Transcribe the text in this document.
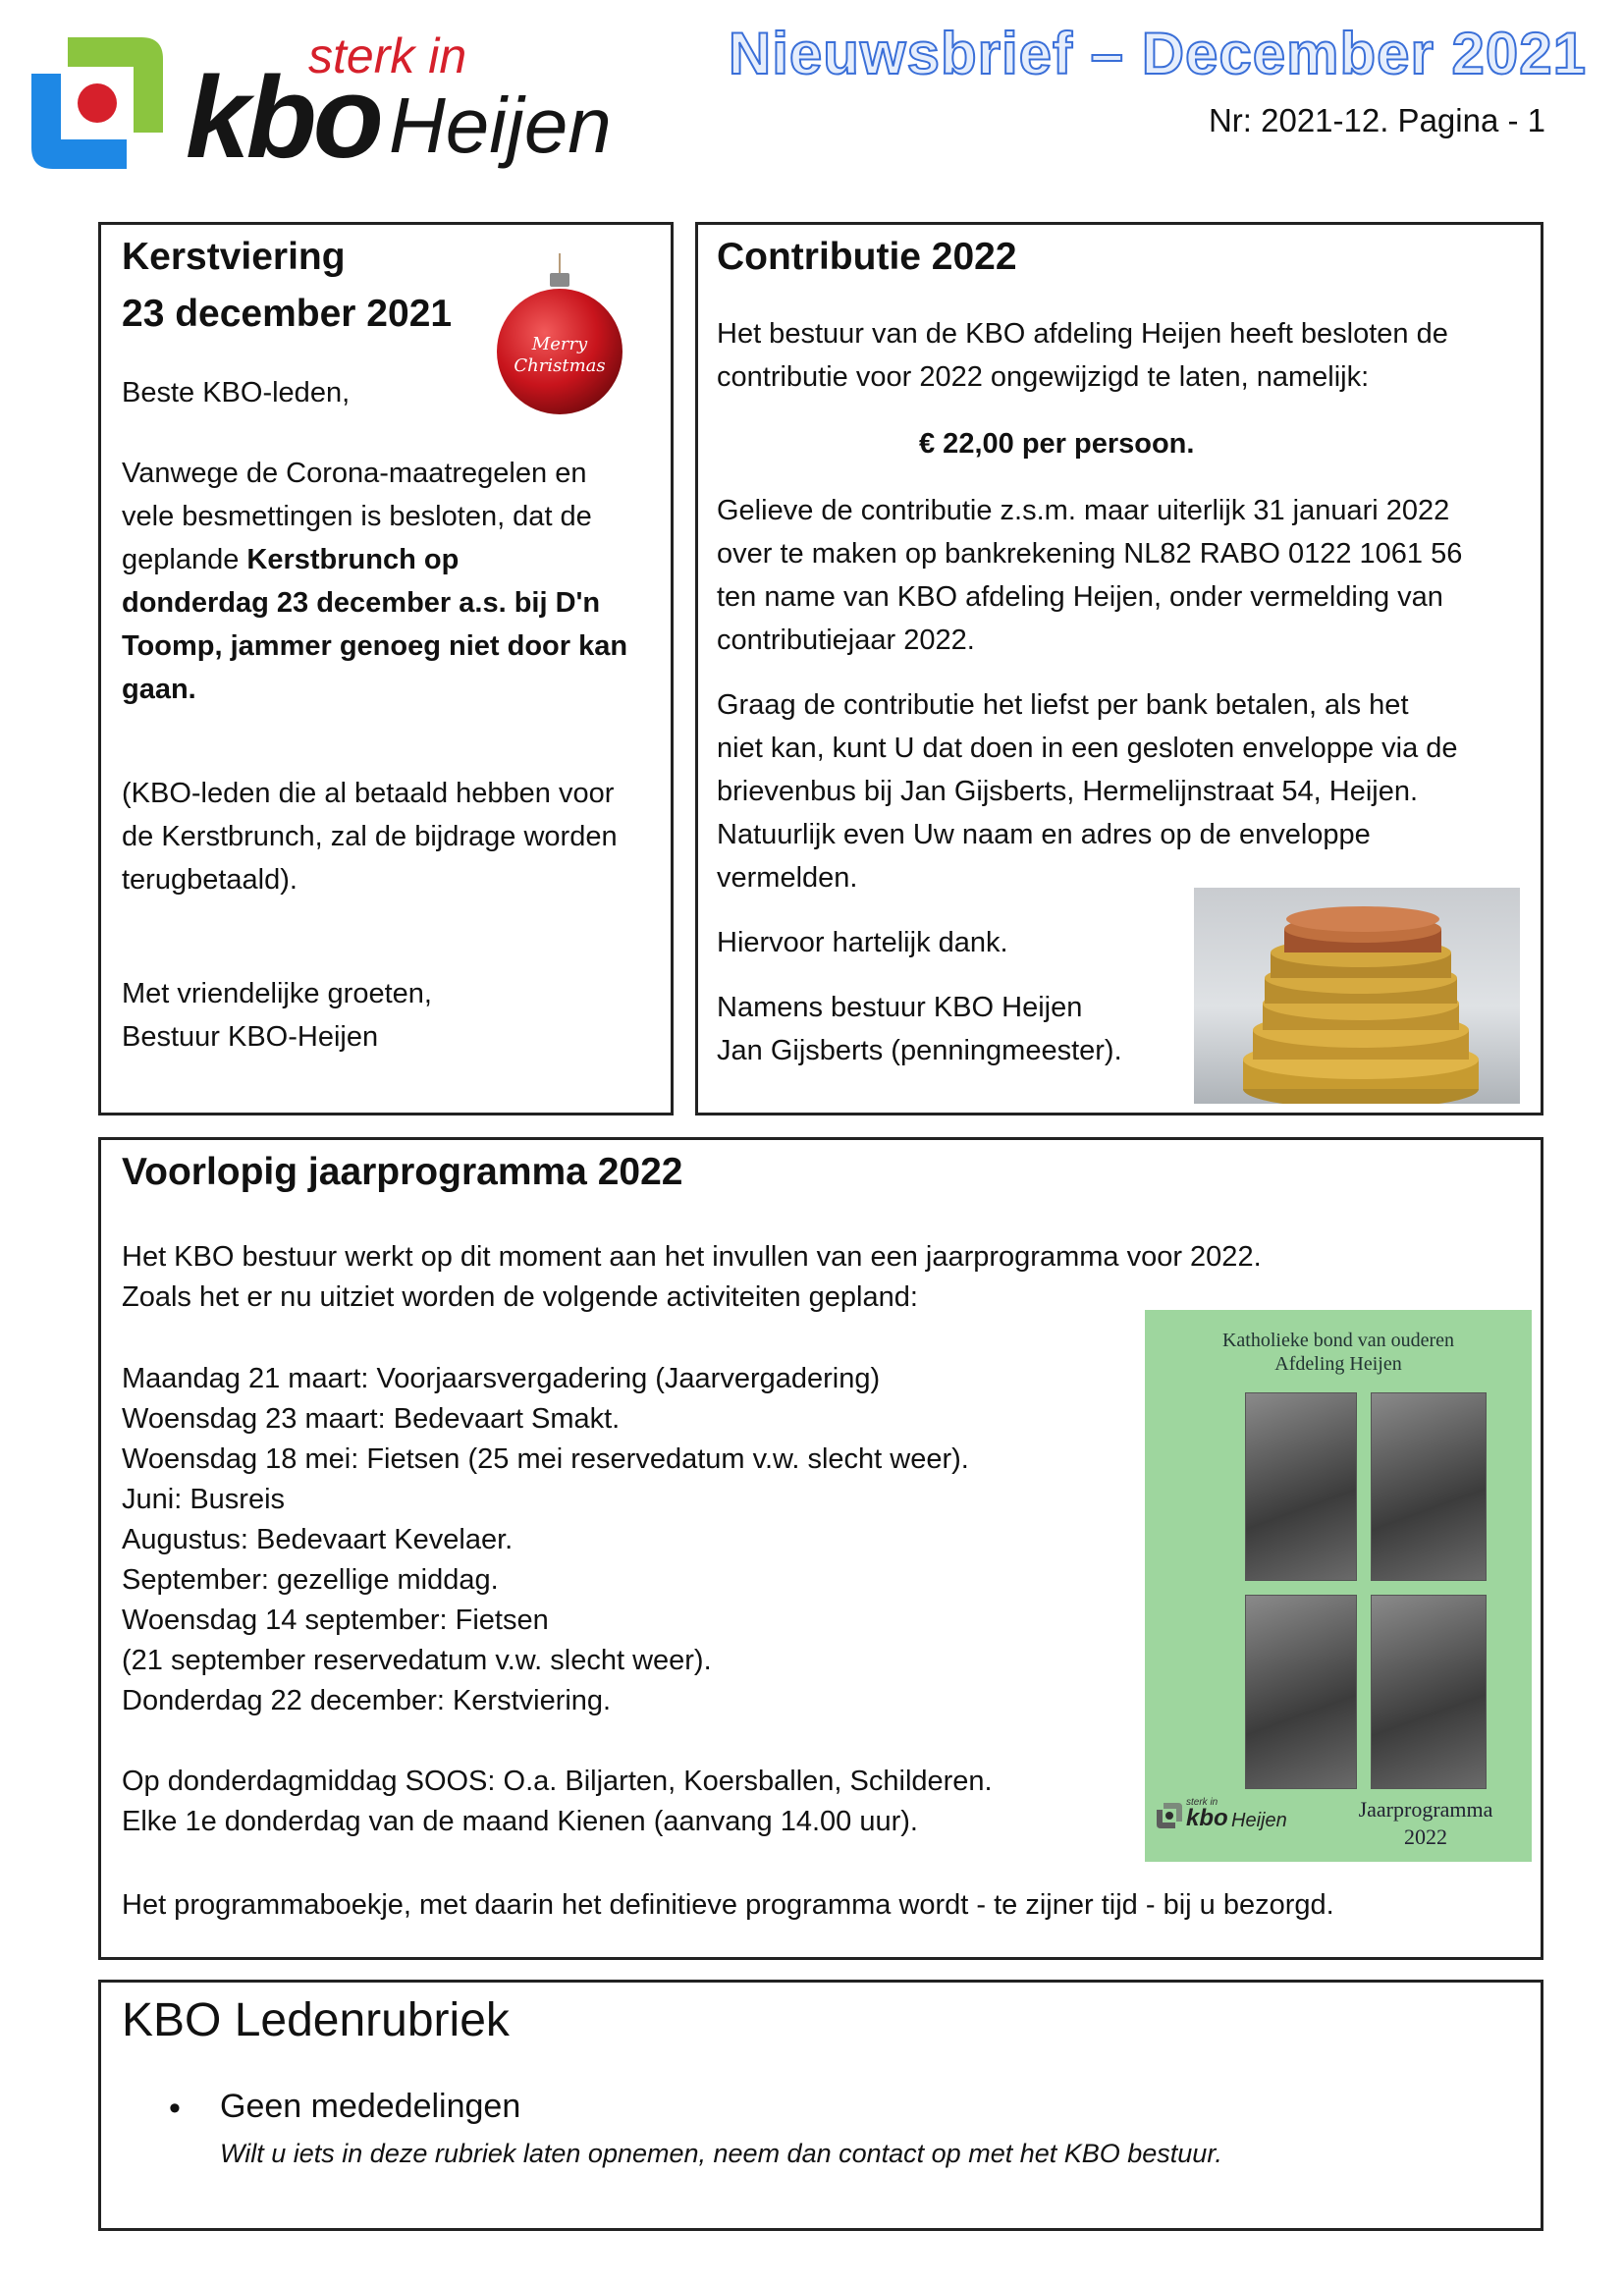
sterk in
kbo Heijen
Nieuwsbrief – December 2021
Nr: 2021-12. Pagina - 1
Kerstviering
23 december 2021
Merry
Christmas
Beste KBO-leden,
Vanwege de Corona-maatregelen en
vele besmettingen is besloten, dat de
geplande Kerstbrunch op
donderdag 23 december a.s. bij D'n
Toomp, jammer genoeg niet door kan
gaan.
(KBO-leden die al betaald hebben voor
de Kerstbrunch, zal de bijdrage worden
terugbetaald).
Met vriendelijke groeten,
Bestuur KBO-Heijen
Contributie 2022
Het bestuur van de KBO afdeling Heijen heeft besloten de
contributie voor 2022 ongewijzigd te laten, namelijk:
€ 22,00 per persoon.
Gelieve de contributie z.s.m. maar uiterlijk 31 januari 2022
over te maken op bankrekening NL82 RABO 0122 1061 56
ten name van KBO afdeling Heijen, onder vermelding van
contributiejaar 2022.
Graag de contributie het liefst per bank betalen, als het
niet kan, kunt U dat doen in een gesloten enveloppe via de
brievenbus bij Jan Gijsberts, Hermelijnstraat 54, Heijen.
Natuurlijk even Uw naam en adres op de enveloppe
vermelden.
Hiervoor hartelijk dank.
Namens bestuur KBO Heijen
Jan Gijsberts (penningmeester).
Voorlopig jaarprogramma 2022
Het KBO bestuur werkt op dit moment aan het invullen van een jaarprogramma voor 2022.
Zoals het er nu uitziet worden de volgende activiteiten gepland:
Maandag 21 maart: Voorjaarsvergadering (Jaarvergadering)
Woensdag 23 maart: Bedevaart Smakt.
Woensdag 18 mei: Fietsen (25 mei reservedatum v.w. slecht weer).
Juni: Busreis
Augustus: Bedevaart Kevelaer.
September: gezellige middag.
Woensdag 14 september: Fietsen
(21 september reservedatum v.w. slecht weer).
Donderdag 22 december: Kerstviering.
Op donderdagmiddag SOOS: O.a. Biljarten, Koersballen, Schilderen.
Elke 1e donderdag van de maand Kienen (aanvang 14.00 uur).
Het programmaboekje, met daarin het definitieve programma wordt - te zijner tijd - bij u bezorgd.
Katholieke bond van ouderen
Afdeling Heijen
sterk in
kbo Heijen	Jaarprogramma
2022
KBO Ledenrubriek
• Geen mededelingen
Wilt u iets in deze rubriek laten opnemen, neem dan contact op met het KBO bestuur.
